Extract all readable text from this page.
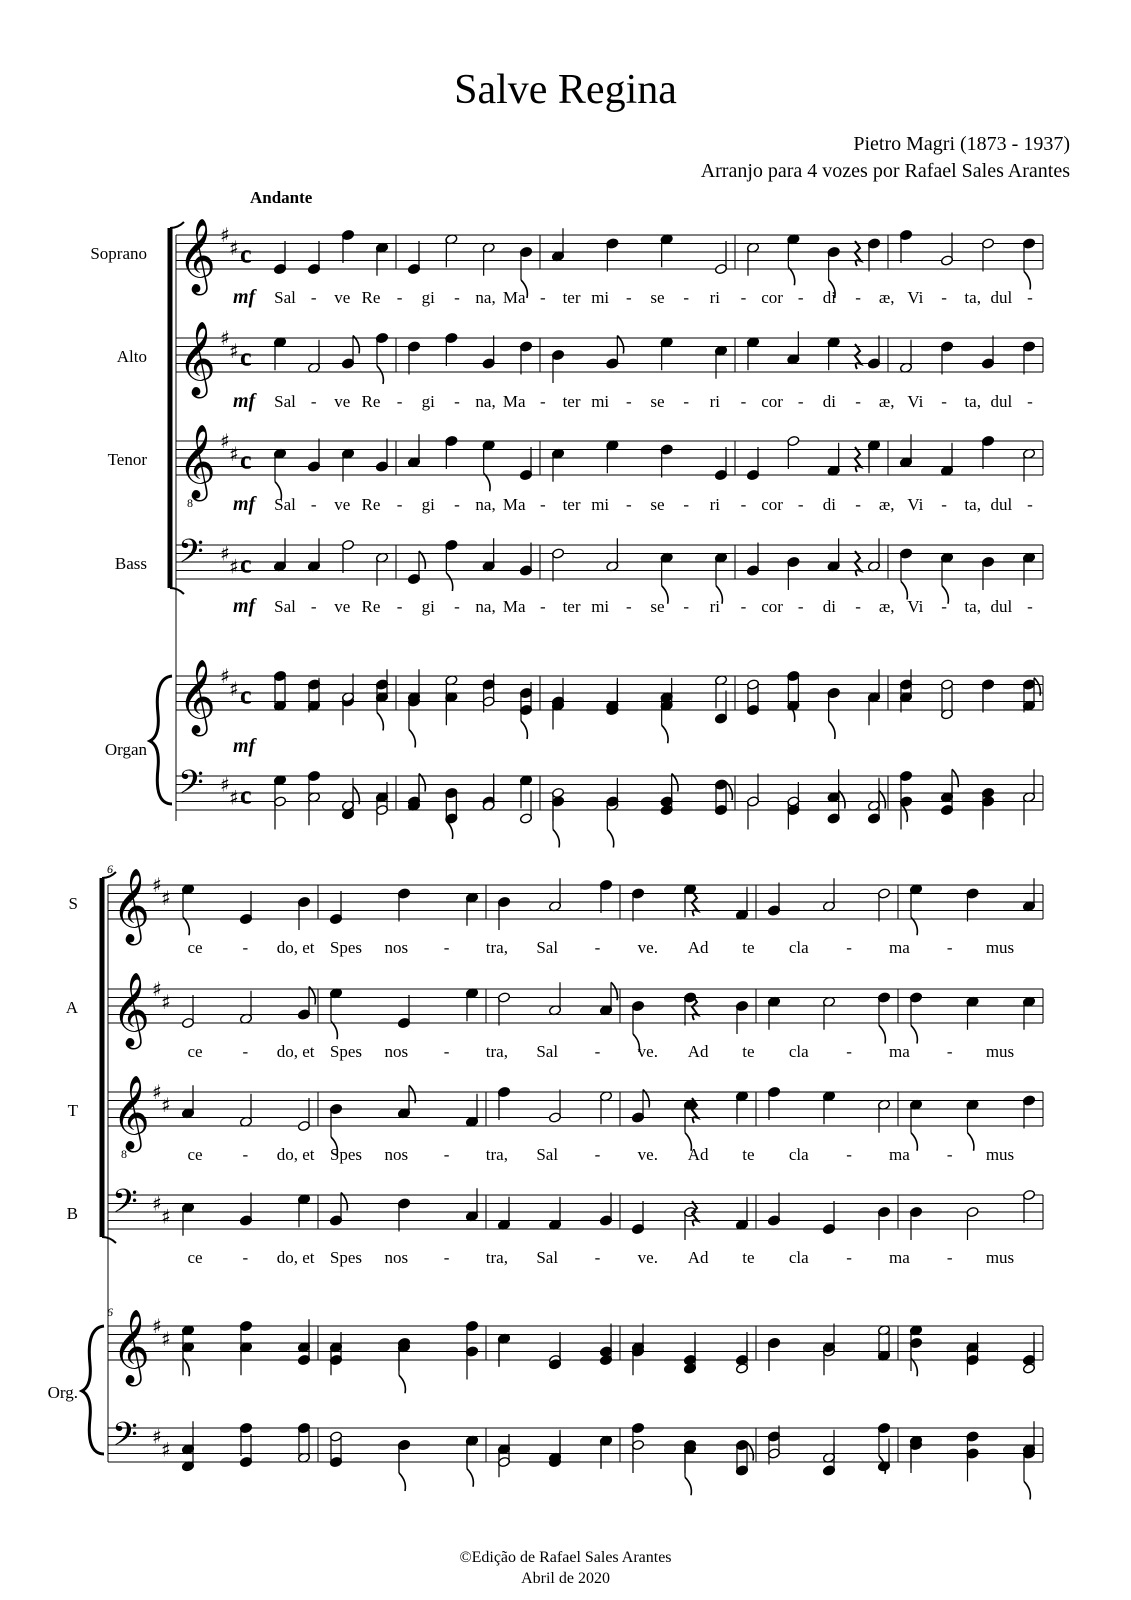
Salve Regina
Pietro Magri (1873 - 1937)
Arranjo para 4 vozes por Rafael Sales Arantes
Andante
Soprano 𝄞 ♯
♯ c
mf Sal - ve Re - gi - na, Ma - ter mi - se - ri - cor - di - æ, Vi - ta, dul -
Alto 𝄞 ♯
♯ c
mf Sal - ve Re - gi - na, Ma - ter mi - se - ri - cor - di - æ, Vi - ta, dul -
Tenor 𝄞
8
♯
♯ c
mf Sal - ve Re - gi - na, Ma - ter mi - se - ri - cor - di - æ, Vi - ta, dul -
Bass 𝄢 ♯
♯ c
mf Sal - ve Re - gi - na, Ma - ter mi - se - ri - cor - di - æ, Vi - ta, dul -
Organ
𝄞 ♯
♯ c
𝄢 ♯
♯ c
mf
6
S 𝄞 ♯
♯
ce - do, et Spes nos - tra, Sal - ve. Ad te cla - ma - mus
A 𝄞 ♯
♯
ce - do, et Spes nos - tra, Sal - ve. Ad te cla - ma - mus
T 𝄞
8
♯
♯
ce - do, et Spes nos - tra, Sal - ve. Ad te cla - ma - mus
B 𝄢 ♯
♯
ce - do, et Spes nos - tra, Sal - ve. Ad te cla - ma - mus
Org.
6 𝄞 ♯
♯
𝄢 ♯
♯
©Edição de Rafael Sales Arantes
Abril de 2020
